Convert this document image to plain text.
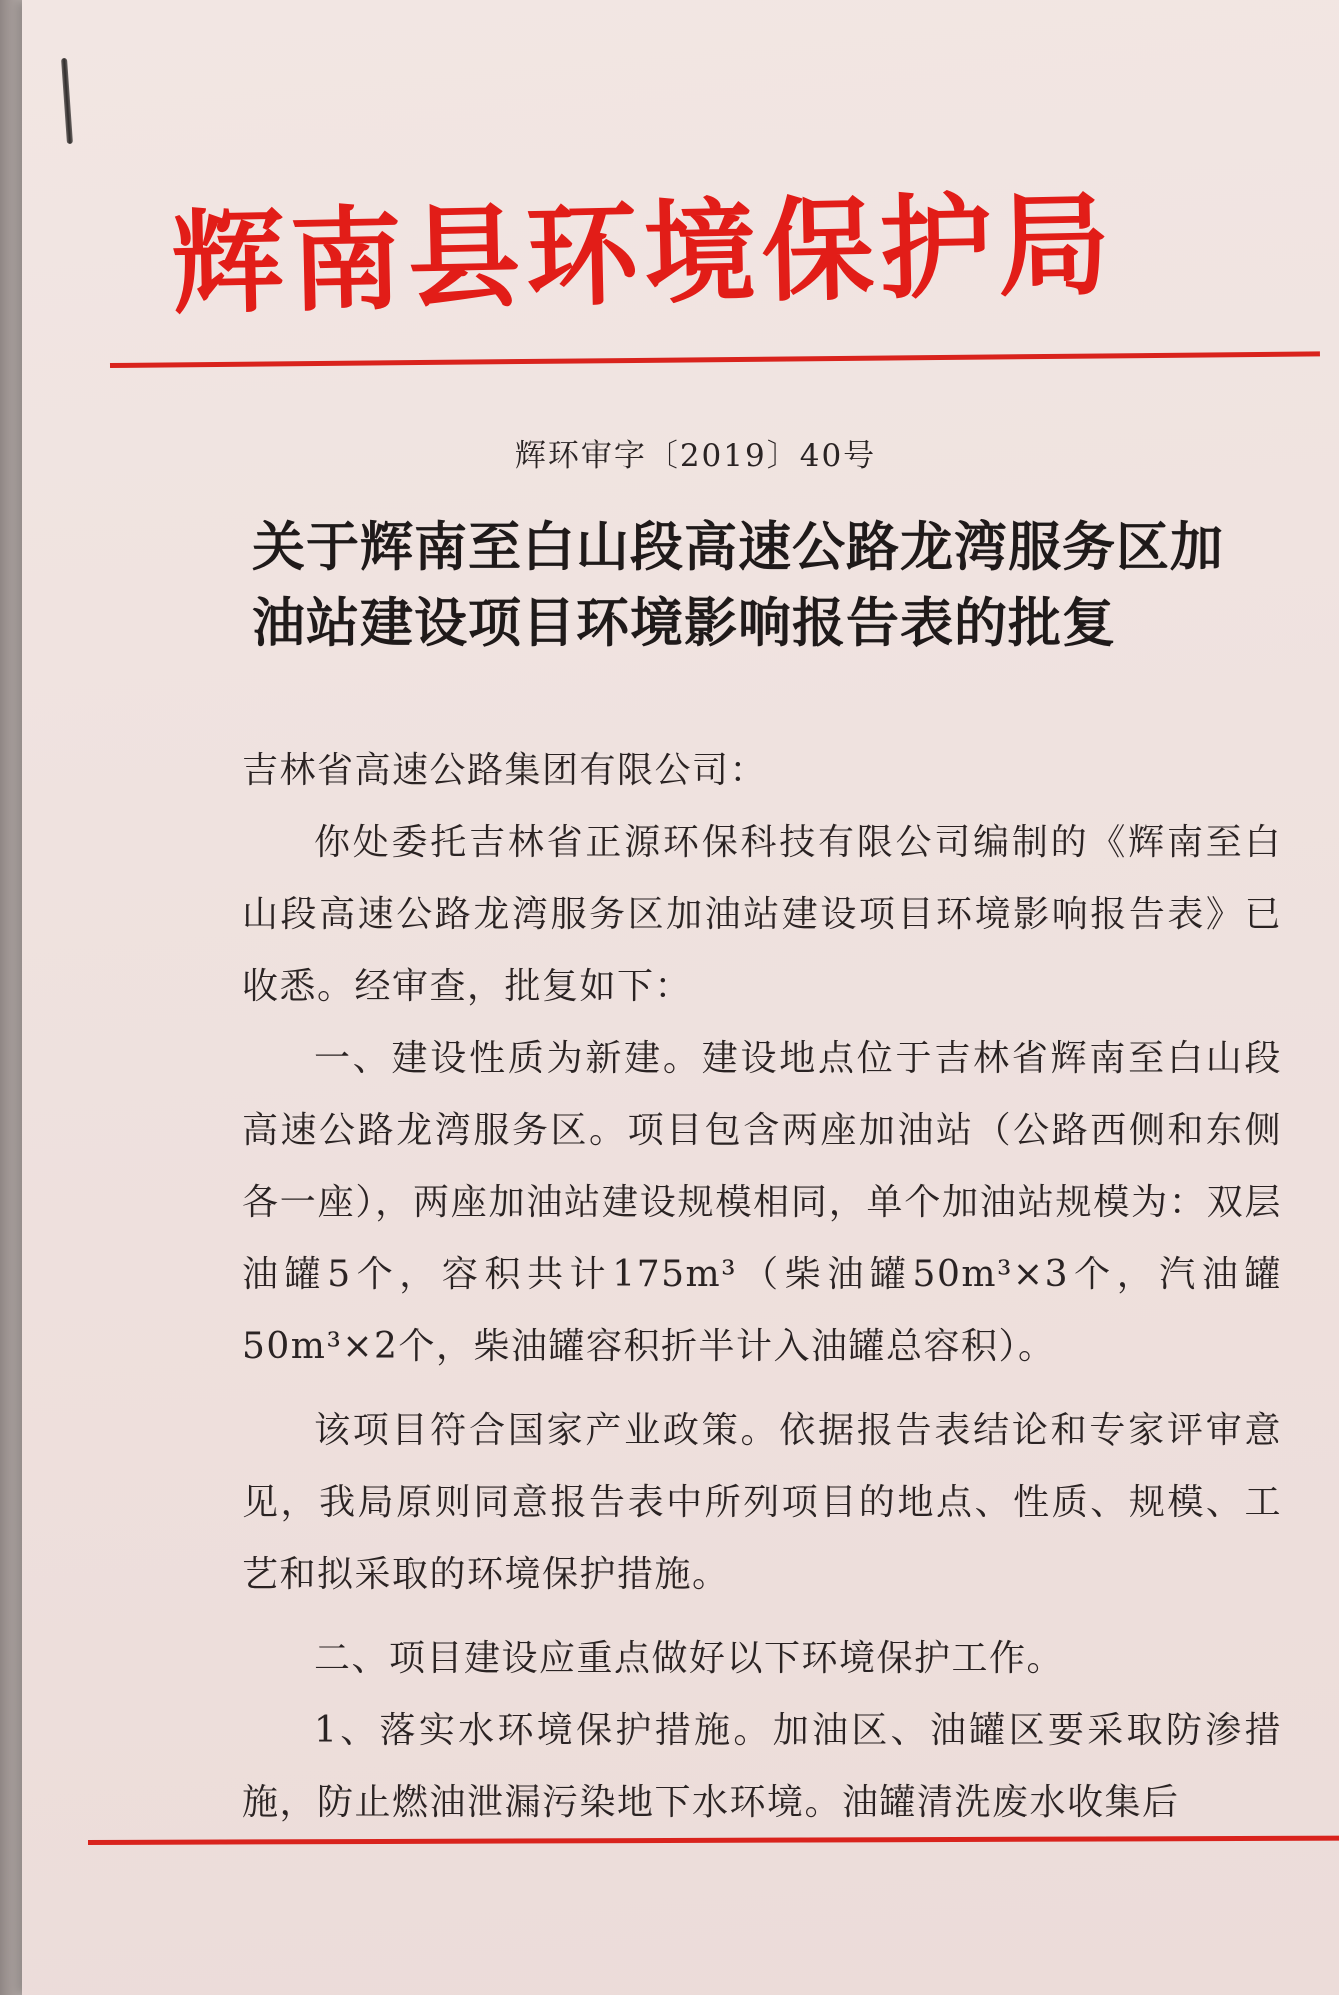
辉南县环境保护局
辉环审字〔2019〕40号
关于辉南至白山段高速公路龙湾服务区加
油站建设项目环境影响报告表的批复

吉林省高速公路集团有限公司：

你处委托吉林省正源环保科技有限公司编制的《辉南至白山段高速公路龙湾服务区加油站建设项目环境影响报告表》已收悉。经审查，批复如下：

一、建设性质为新建。建设地点位于吉林省辉南至白山段高速公路龙湾服务区。项目包含两座加油站（公路西侧和东侧各一座），两座加油站建设规模相同，单个加油站规模为：双层油罐5个，容积共计175m³（柴油罐50m³×3个，汽油罐50m³×2个，柴油罐容积折半计入油罐总容积）。

该项目符合国家产业政策。依据报告表结论和专家评审意见，我局原则同意报告表中所列项目的地点、性质、规模、工艺和拟采取的环境保护措施。

二、项目建设应重点做好以下环境保护工作。

1、落实水环境保护措施。加油区、油罐区要采取防渗措施，防止燃油泄漏污染地下水环境。油罐清洗废水收集后
